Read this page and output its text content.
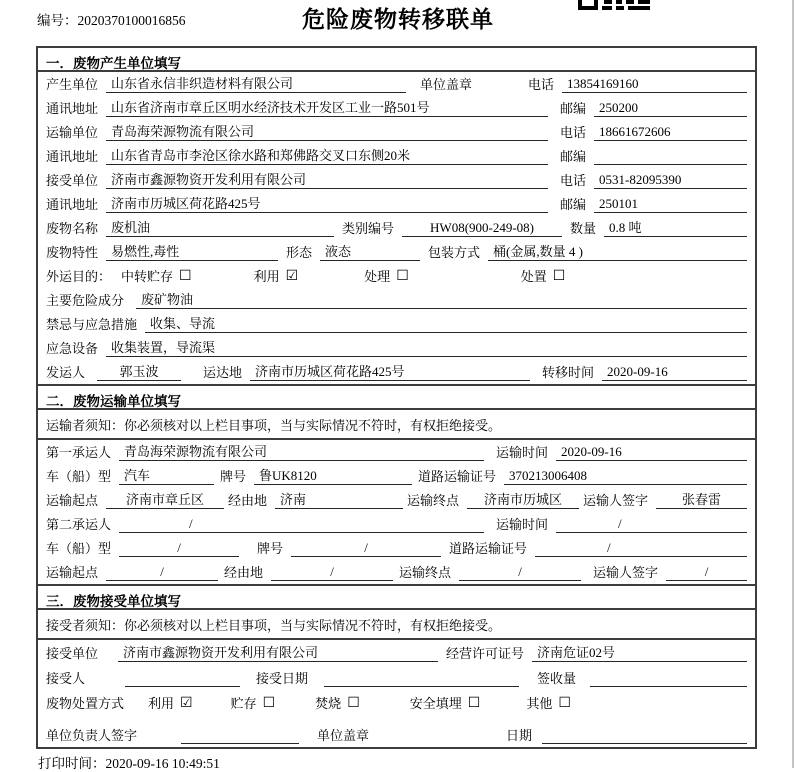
编号：2020370100016856	危险废物转移联单
一．废物产生单位填写
产生单位	山东省永信非织造材料有限公司	单位盖章	电话	13854169160
通讯地址	山东省济南市章丘区明水经济技术开发区工业一路501号	邮编	250200
运输单位	青岛海荣源物流有限公司	电话	18661672606
通讯地址	山东省青岛市李沧区徐水路和郑佛路交叉口东侧20米	邮编
接受单位	济南市鑫源物资开发利用有限公司	电话	0531-82095390
通讯地址	济南市历城区荷花路425号	邮编	250101
废物名称	废机油	类别编号	HW08(900-249-08)	数量	0.8 吨
废物特性	易燃性,毒性	形态	液态	包装方式	桶(金属,数量 4 )
外运目的： 中转贮存 ☐	利用 ☑	处理 ☐	处置 ☐
主要危险成分	废矿物油
禁忌与应急措施	收集、导流
应急设备	收集装置，导流渠
发运人	郭玉波	运达地	济南市历城区荷花路425号	转移时间	2020-09-16
二．废物运输单位填写
运输者须知：你必须核对以上栏目事项，当与实际情况不符时，有权拒绝接受。
第一承运人	青岛海荣源物流有限公司	运输时间	2020-09-16
车（船）型	汽车	牌号	鲁UK8120	道路运输证号	370213006408
运输起点	济南市章丘区	经由地	济南	运输终点	济南市历城区	运输人签字	张春雷
第二承运人	/	运输时间	/
车（船）型	/	牌号	/	道路运输证号	/
运输起点	/	经由地	/	运输终点	/	运输人签字	/
三．废物接受单位填写
接受者须知：你必须核对以上栏目事项，当与实际情况不符时，有权拒绝接受。
接受单位	济南市鑫源物资开发利用有限公司	经营许可证号	济南危证02号
接受人	接受日期	签收量
废物处置方式 利用 ☑	贮存 ☐	焚烧 ☐	安全填埋 ☐	其他 ☐
单位负责人签字	单位盖章	日期
打印时间：2020-09-16 10:49:51
